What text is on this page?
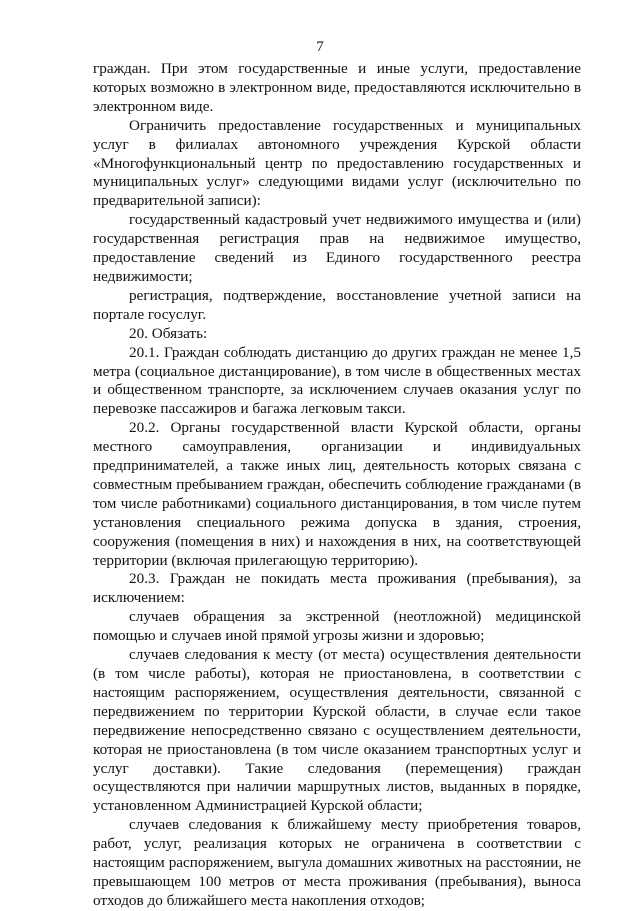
7

граждан. При этом государственные и иные услуги, предоставление которых возможно в электронном виде, предоставляются исключительно в электронном виде.

Ограничить предоставление государственных и муниципальных услуг в филиалах автономного учреждения Курской области «Многофункциональный центр по предоставлению государственных и муниципальных услуг» следующими видами услуг (исключительно по предварительной записи):

государственный кадастровый учет недвижимого имущества и (или) государственная регистрация прав на недвижимое имущество, предоставление сведений из Единого государственного реестра недвижимости;

регистрация, подтверждение, восстановление учетной записи на портале госуслуг.

20. Обязать:

20.1. Граждан соблюдать дистанцию до других граждан не менее 1,5 метра (социальное дистанцирование), в том числе в общественных местах и общественном транспорте, за исключением случаев оказания услуг по перевозке пассажиров и багажа легковым такси.

20.2. Органы государственной власти Курской области, органы местного самоуправления, организации и индивидуальных предпринимателей, а также иных лиц, деятельность которых связана с совместным пребыванием граждан, обеспечить соблюдение гражданами (в том числе работниками) социального дистанцирования, в том числе путем установления специального режима допуска в здания, строения, сооружения (помещения в них) и нахождения в них, на соответствующей территории (включая прилегающую территорию).

20.3. Граждан не покидать места проживания (пребывания), за исключением:

случаев обращения за экстренной (неотложной) медицинской помощью и случаев иной прямой угрозы жизни и здоровью;

случаев следования к месту (от места) осуществления деятельности (в том числе работы), которая не приостановлена, в соответствии с настоящим распоряжением, осуществления деятельности, связанной с передвижением по территории Курской области, в случае если такое передвижение непосредственно связано с осуществлением деятельности, которая не приостановлена (в том числе оказанием транспортных услуг и услуг доставки). Такие следования (перемещения) граждан осуществляются при наличии маршрутных листов, выданных в порядке, установленном Администрацией Курской области;

случаев следования к ближайшему месту приобретения товаров, работ, услуг, реализация которых не ограничена в соответствии с настоящим распоряжением, выгула домашних животных на расстоянии, не превышающем 100 метров от места проживания (пребывания), выноса отходов до ближайшего места накопления отходов;
